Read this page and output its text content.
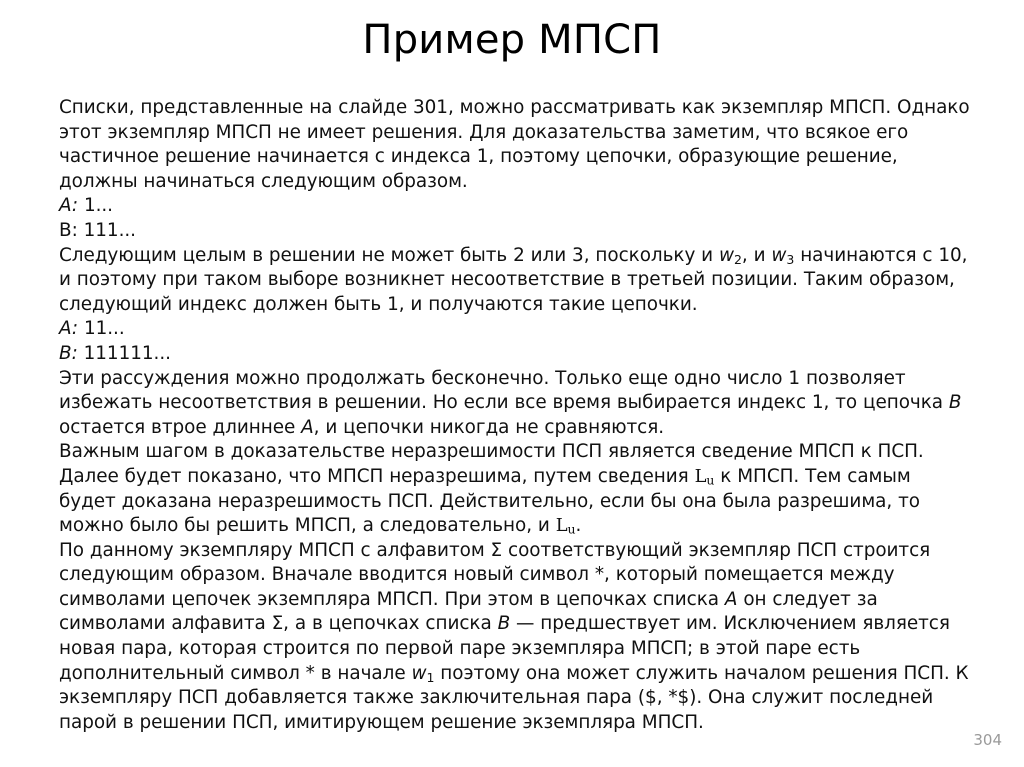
Пример МПСП

Списки, представленные на слайде 301, можно рассматривать как экземпляр МПСП. Однако этот экземпляр МПСП не имеет решения. Для доказательства заметим, что всякое его частичное решение начинается с индекса 1, поэтому цепочки, образующие решение, должны начинаться следующим образом.

A: 1...

B: 111...

Следующим целым в решении не может быть 2 или 3, поскольку и $w_2$, и $w_3$ начинаются с 10, и поэтому при таком выборе возникнет несоответствие в третьей позиции. Таким образом, следующий индекс должен быть 1, и получаются такие цепочки.

A: 11...

B: 111111...

Эти рассуждения можно продолжать бесконечно. Только еще одно число 1 позволяет избежать несоответствия в решении. Но если все время выбирается индекс 1, то цепочка B остается втрое длиннее A, и цепочки никогда не сравняются.

Важным шагом в доказательстве неразрешимости ПСП является сведение МПСП к ПСП. Далее будет показано, что МПСП неразрешима, путем сведения $L_u$ к МПСП. Тем самым будет доказана неразрешимость ПСП. Действительно, если бы она была разрешима, то можно было бы решить МПСП, а следовательно, и $L_u$.

По данному экземпляру МПСП с алфавитом Σ соответствующий экземпляр ПСП строится следующим образом. Вначале вводится новый символ *, который помещается между символами цепочек экземпляра МПСП. При этом в цепочках списка A он следует за символами алфавита Σ, а в цепочках списка B — предшествует им. Исключением является новая пара, которая строится по первой паре экземпляра МПСП; в этой паре есть дополнительный символ * в начале $w_1$ поэтому она может служить началом решения ПСП. К экземпляру ПСП добавляется также заключительная пара ($, *$). Она служит последней парой в решении ПСП, имитирующем решение экземпляра МПСП.

304
